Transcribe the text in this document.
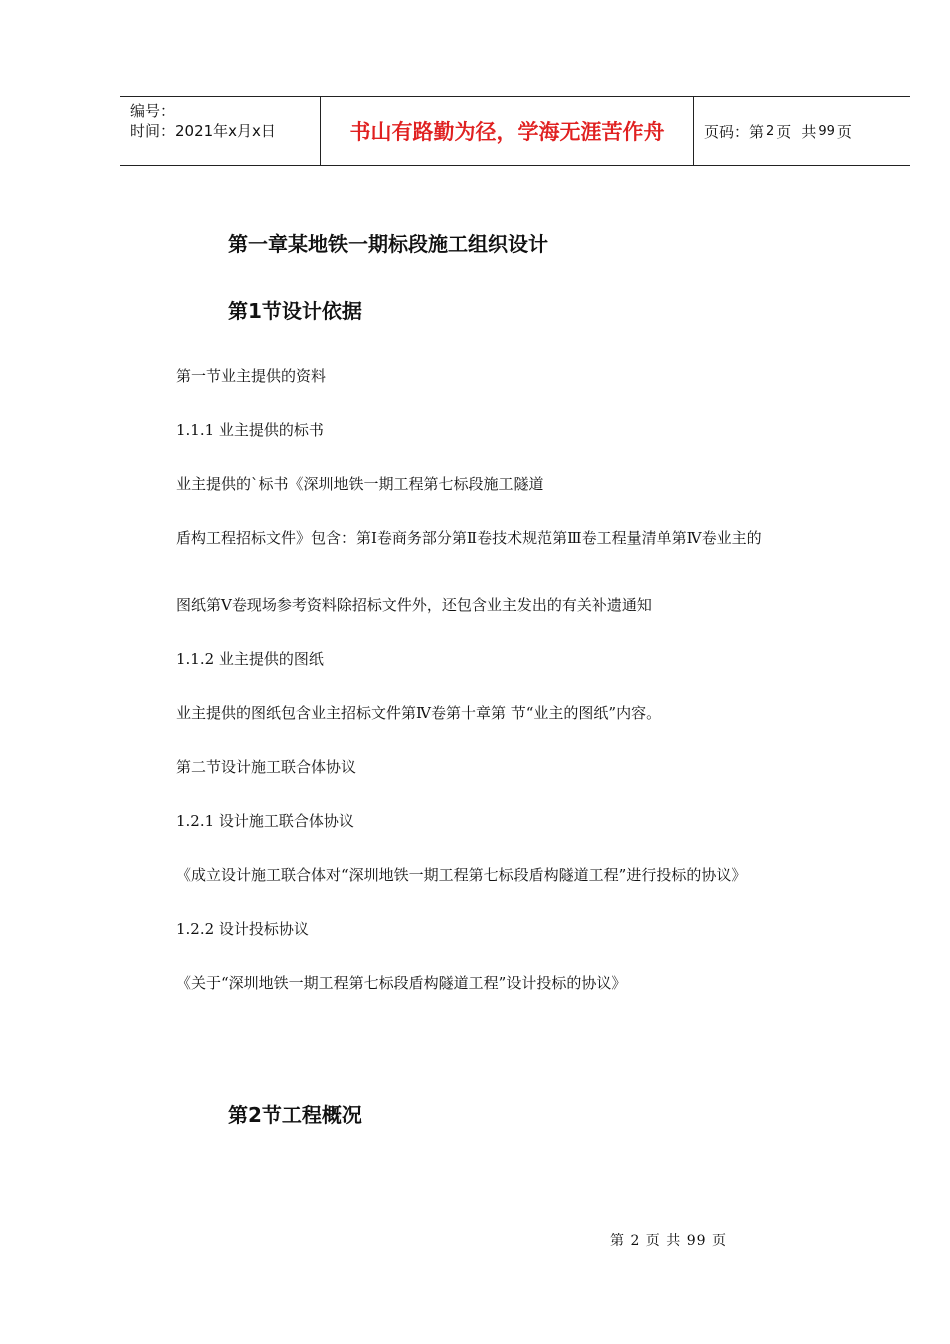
编号：
时间：2021年x月x日	书山有路勤为径，学海无涯苦作舟	页码：第 2 页 共 99 页
第一章某地铁一期标段施工组织设计
第1节设计依据
第一节业主提供的资料
1.1.1 业主提供的标书
业主提供的`标书《深圳地铁一期工程第七标段施工隧道
盾构工程招标文件》包含：第Ⅰ卷商务部分第Ⅱ卷技术规范第Ⅲ卷工程量清单第Ⅳ卷业主的
图纸第Ⅴ卷现场参考资料除招标文件外，还包含业主发出的有关补遗通知
1.1.2 业主提供的图纸
业主提供的图纸包含业主招标文件第Ⅳ卷第十章第 节“业主的图纸”内容。
第二节设计施工联合体协议
1.2.1 设计施工联合体协议
《成立设计施工联合体对“深圳地铁一期工程第七标段盾构隧道工程”进行投标的协议》
1.2.2 设计投标协议
《关于“深圳地铁一期工程第七标段盾构隧道工程”设计投标的协议》
第2节工程概况
第 2 页 共 99 页
